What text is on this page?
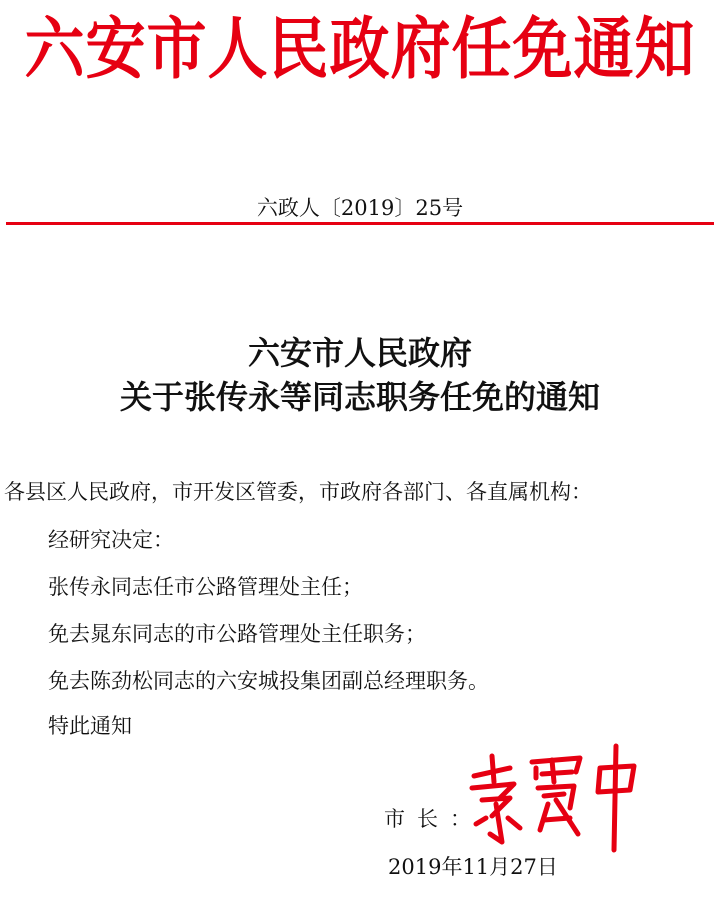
六安市人民政府任免通知
六政人〔2019〕25号
六安市人民政府
关于张传永等同志职务任免的通知
各县区人民政府，市开发区管委，市政府各部门、各直属机构：
经研究决定：
张传永同志任市公路管理处主任；
免去晁东同志的市公路管理处主任职务；
免去陈劲松同志的六安城投集团副总经理职务。
特此通知
市长：
2019年11月27日
